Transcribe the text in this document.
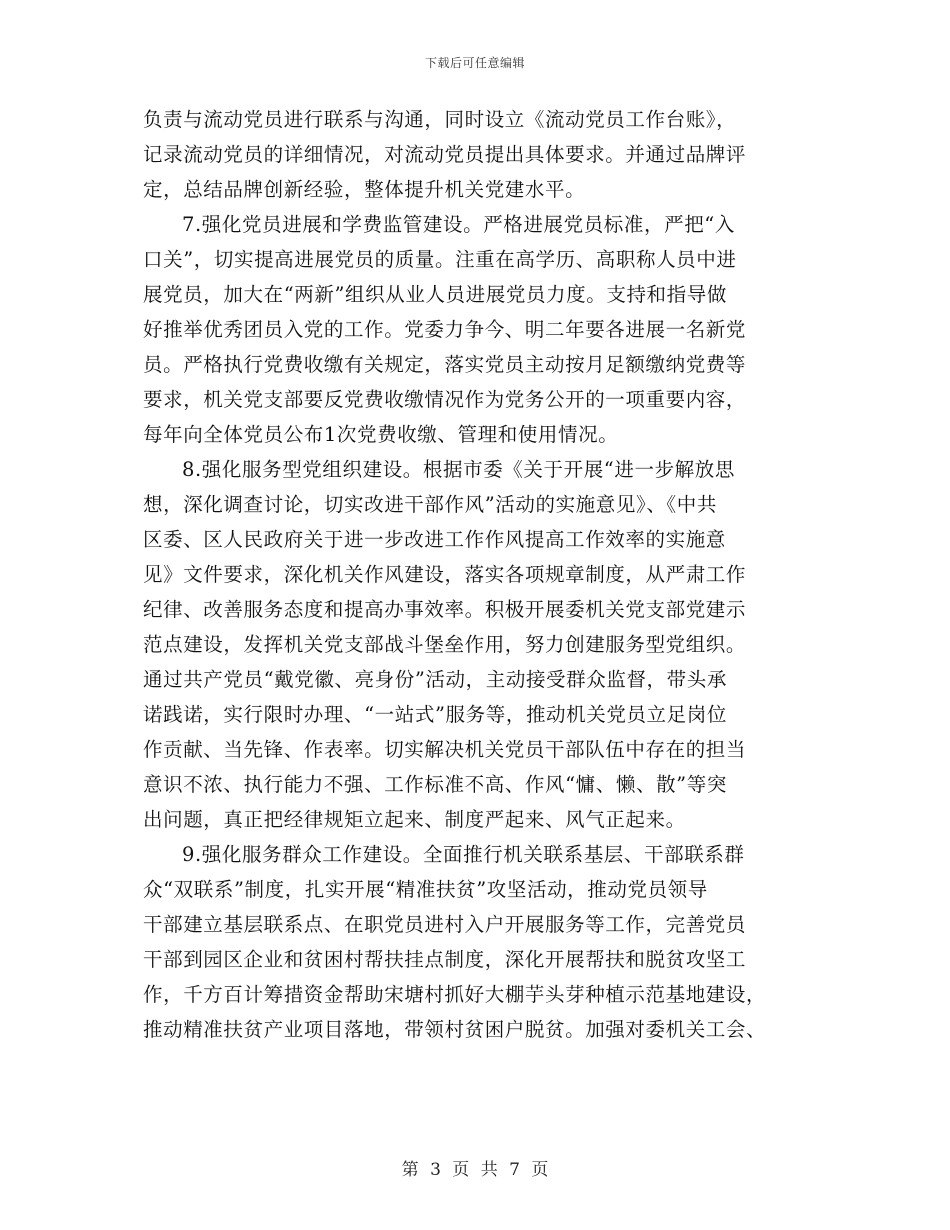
下载后可任意编辑
负责与流动党员进行联系与沟通，同时设立《流动党员工作台账》，
记录流动党员的详细情况，对流动党员提出具体要求。并通过品牌评
定，总结品牌创新经验，整体提升机关党建水平。
7.强化党员进展和学费监管建设。严格进展党员标准，严把“入
口关”，切实提高进展党员的质量。注重在高学历、高职称人员中进
展党员，加大在“两新”组织从业人员进展党员力度。支持和指导做
好推举优秀团员入党的工作。党委力争今、明二年要各进展一名新党
员。严格执行党费收缴有关规定，落实党员主动按月足额缴纳党费等
要求，机关党支部要反党费收缴情况作为党务公开的一项重要内容，
每年向全体党员公布1次党费收缴、管理和使用情况。
8.强化服务型党组织建设。根据市委《关于开展“进一步解放思
想，深化调查讨论，切实改进干部作风”活动的实施意见》、《中共
区委、区人民政府关于进一步改进工作作风提高工作效率的实施意
见》文件要求，深化机关作风建设，落实各项规章制度，从严肃工作
纪律、改善服务态度和提高办事效率。积极开展委机关党支部党建示
范点建设，发挥机关党支部战斗堡垒作用，努力创建服务型党组织。
通过共产党员“戴党徽、亮身份”活动，主动接受群众监督，带头承
诺践诺，实行限时办理、“一站式”服务等，推动机关党员立足岗位
作贡献、当先锋、作表率。切实解决机关党员干部队伍中存在的担当
意识不浓、执行能力不强、工作标准不高、作风“慵、懒、散”等突
出问题，真正把经律规矩立起来、制度严起来、风气正起来。
9.强化服务群众工作建设。全面推行机关联系基层、干部联系群
众“双联系”制度，扎实开展“精准扶贫”攻坚活动，推动党员领导
干部建立基层联系点、在职党员进村入户开展服务等工作，完善党员
干部到园区企业和贫困村帮扶挂点制度，深化开展帮扶和脱贫攻坚工
作，千方百计筹措资金帮助宋塘村抓好大棚芋头芽种植示范基地建设，
推动精准扶贫产业项目落地，带领村贫困户脱贫。加强对委机关工会、
第 3 页 共 7 页
